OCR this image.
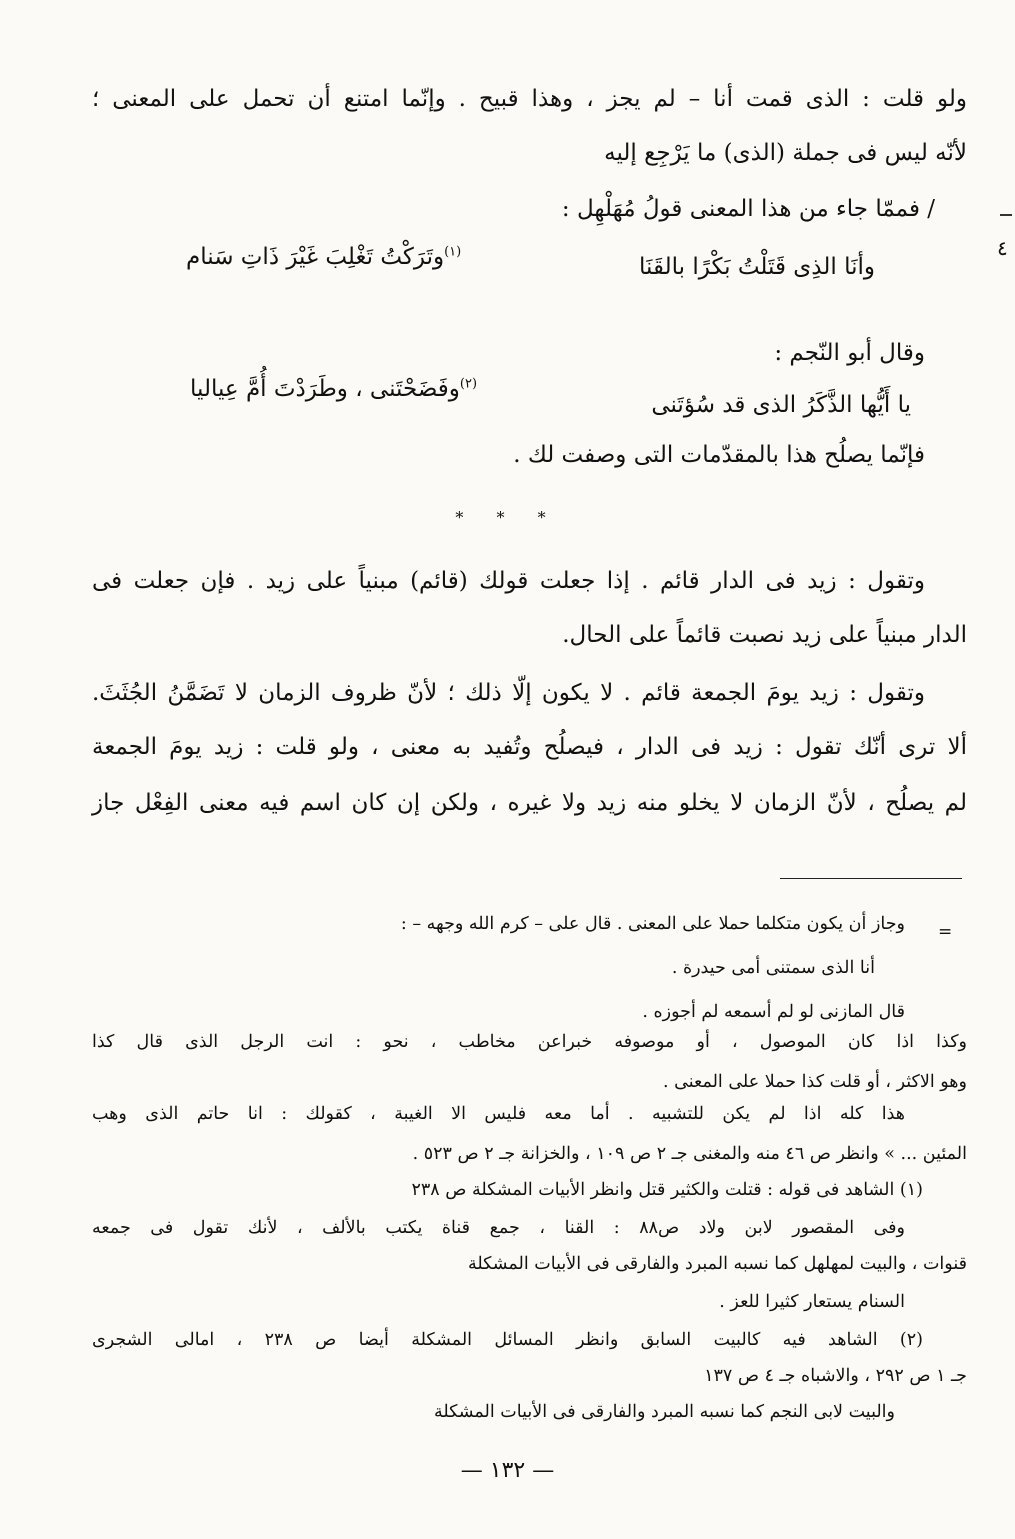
٤
ولو قلت : الذى قمت أنا – لم يجز ، وهذا قبيح . وإنّما امتنع أن تحمل على المعنى ؛
لأنّه ليس فى جملة (الذى) ما يَرْجِع إليه
/ فممّا جاء من هذا المعنى قولُ مُهَلْهِل :
وأنَا الذِى قَتَلْتُ بَكْرًا بالقَنَا
$^{(١)}$وتَرَكْتُ تَغْلِبَ غَيْرَ ذَاتِ سَنام
وقال أبو النّجم :
يا أَيُّها الذَّكَرُ الذى قد سُؤتَنى
$^{(٢)}$وفَضَحْتَنى ، وطَرَدْتَ أُمَّ عِياليا
فإنّما يصلُح هذا بالمقدّمات التى وصفت لك .
* * *
وتقول : زيد فى الدار قائم . إذا جعلت قولك (قائم) مبنياً على زيد . فإن جعلت فى
الدار مبنياً على زيد نصبت قائماً على الحال.
وتقول : زيد يومَ الجمعة قائم . لا يكون إلّا ذلك ؛ لأنّ ظروف الزمان لا تَضَمَّنُ الجُثَثَ.
ألا ترى أنّك تقول : زيد فى الدار ، فيصلُح وتُفيد به معنى ، ولو قلت : زيد يومَ الجمعة
لم يصلُح ، لأنّ الزمان لا يخلو منه زيد ولا غيره ، ولكن إن كان اسم فيه معنى الفِعْل جاز
=
وجاز أن يكون متكلما حملا على المعنى . قال على – كرم الله وجهه – :
أنا الذى سمتنى أمى حيدرة .
قال المازنى لو لم أسمعه لم أجوزه .
وكذا اذا كان الموصول ، أو موصوفه خبراعن مخاطب ، نحو : انت الرجل الذى قال كذا
وهو الاكثر ، أو قلت كذا حملا على المعنى .
هذا كله اذا لم يكن للتشبيه . أما معه فليس الا الغيبة ، كقولك : انا حاتم الذى وهب
المئين ... » وانظر ص ٤٦ منه والمغنى جـ ٢ ص ١٠٩ ، والخزانة جـ ٢ ص ٥٢٣ .
(١) الشاهد فى قوله : قتلت والكثير قتل وانظر الأبيات المشكلة ص ٢٣٨
وفى المقصور لابن ولاد ص٨٨ : القنا ، جمع قناة يكتب بالألف ، لأنك تقول فى جمعه
قنوات ، والبيت لمهلهل كما نسبه المبرد والفارقى فى الأبيات المشكلة
السنام يستعار كثيرا للعز .
(٢) الشاهد فيه كالبيت السابق وانظر المسائل المشكلة أيضا ص ٢٣٨ ، امالى الشجرى
جـ ١ ص ٢٩٢ ، والاشباه جـ ٤ ص ١٣٧
والبيت لابى النجم كما نسبه المبرد والفارقى فى الأبيات المشكلة
— ١٣٢ —
